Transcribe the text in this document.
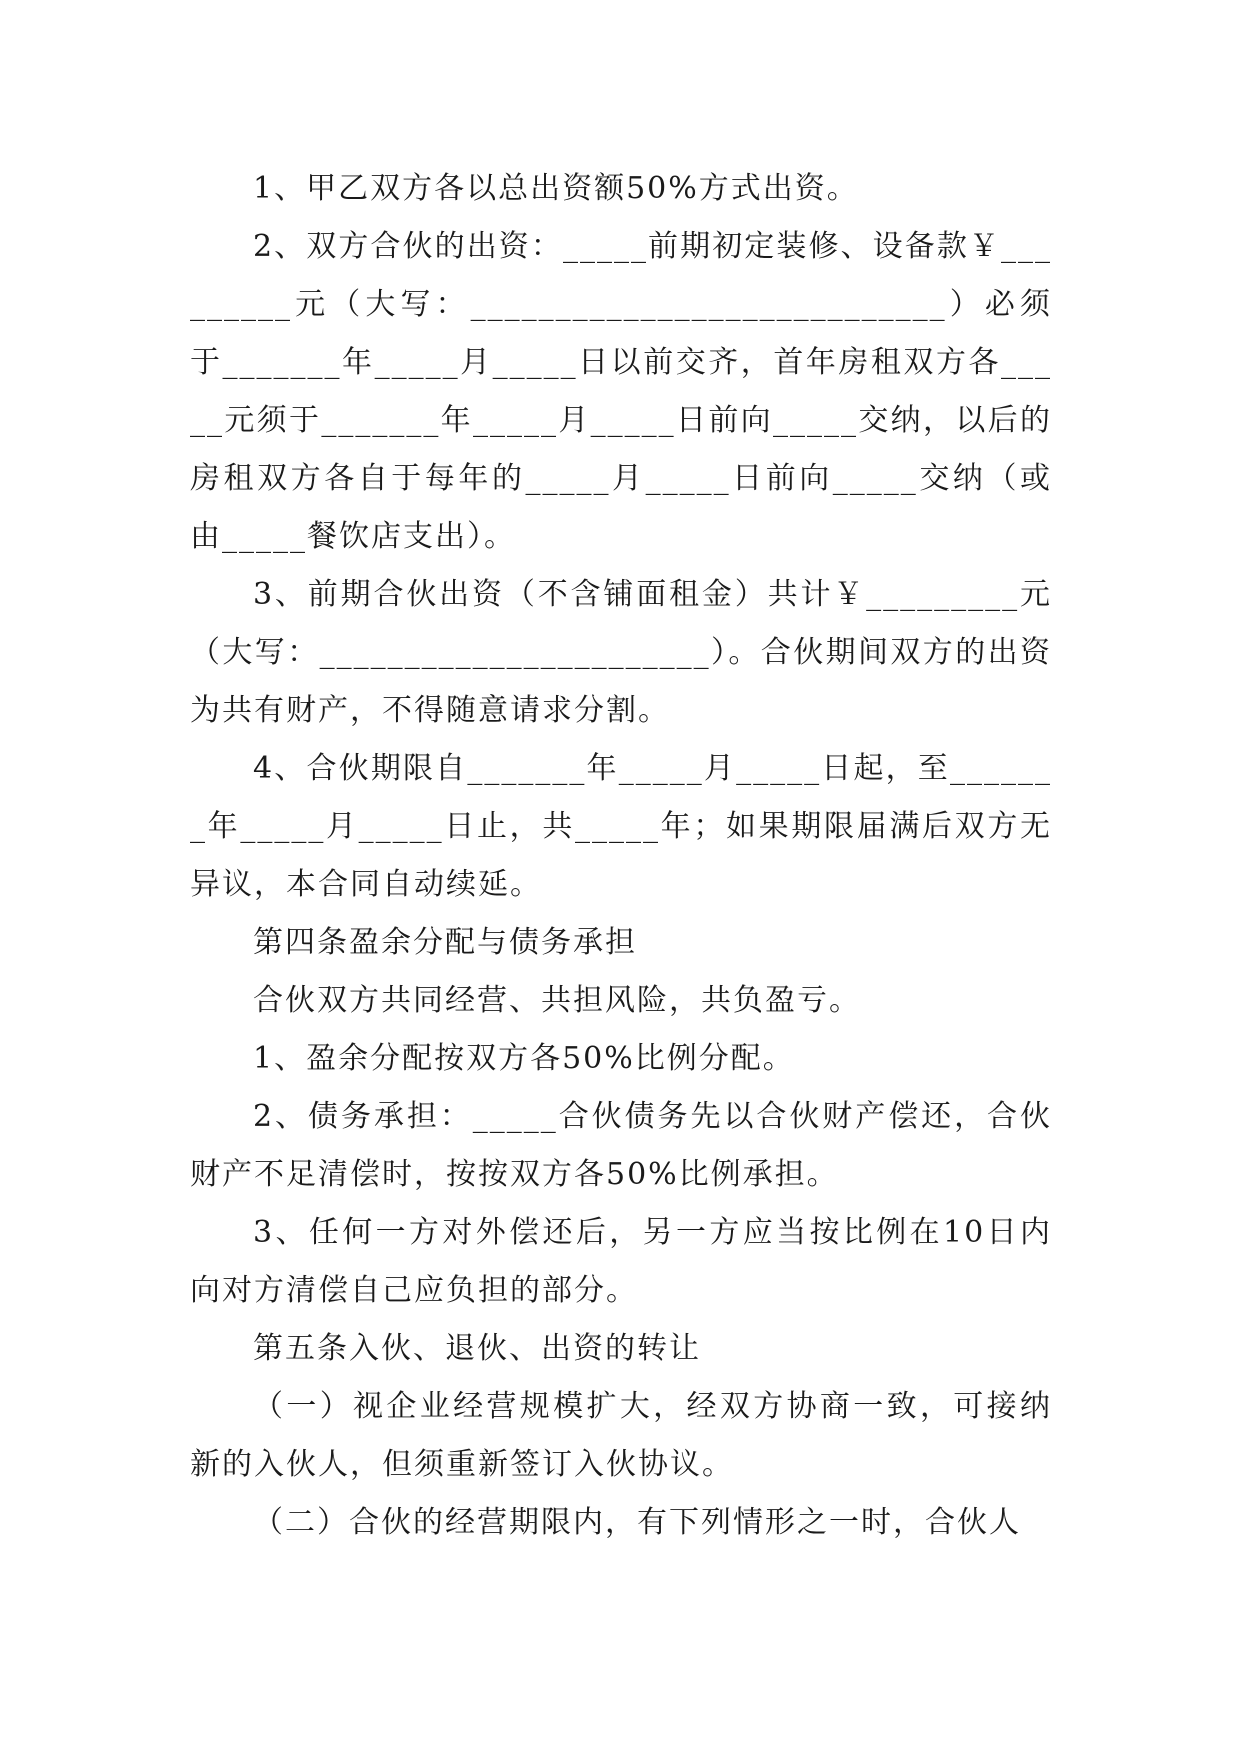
1、甲乙双方各以总出资额50%方式出资。

2、双方合伙的出资：_____前期初定装修、设备款￥_________元（大写：____________________________）必须于_______年_____月_____日以前交齐，首年房租双方各_____元须于_______年_____月_____日前向_____交纳，以后的房租双方各自于每年的_____月_____日前向_____交纳（或由_____餐饮店支出）。

3、前期合伙出资（不含铺面租金）共计￥_________元（大写：_______________________）。合伙期间双方的出资为共有财产，不得随意请求分割。

4、合伙期限自_______年_____月_____日起，至_______年_____月_____日止，共_____年；如果期限届满后双方无异议，本合同自动续延。

第四条盈余分配与债务承担

合伙双方共同经营、共担风险，共负盈亏。

1、盈余分配按双方各50%比例分配。

2、债务承担：_____合伙债务先以合伙财产偿还，合伙财产不足清偿时，按按双方各50%比例承担。

3、任何一方对外偿还后，另一方应当按比例在10日内向对方清偿自己应负担的部分。

第五条入伙、退伙、出资的转让

（一）视企业经营规模扩大，经双方协商一致，可接纳新的入伙人，但须重新签订入伙协议。

（二）合伙的经营期限内，有下列情形之一时，合伙人
